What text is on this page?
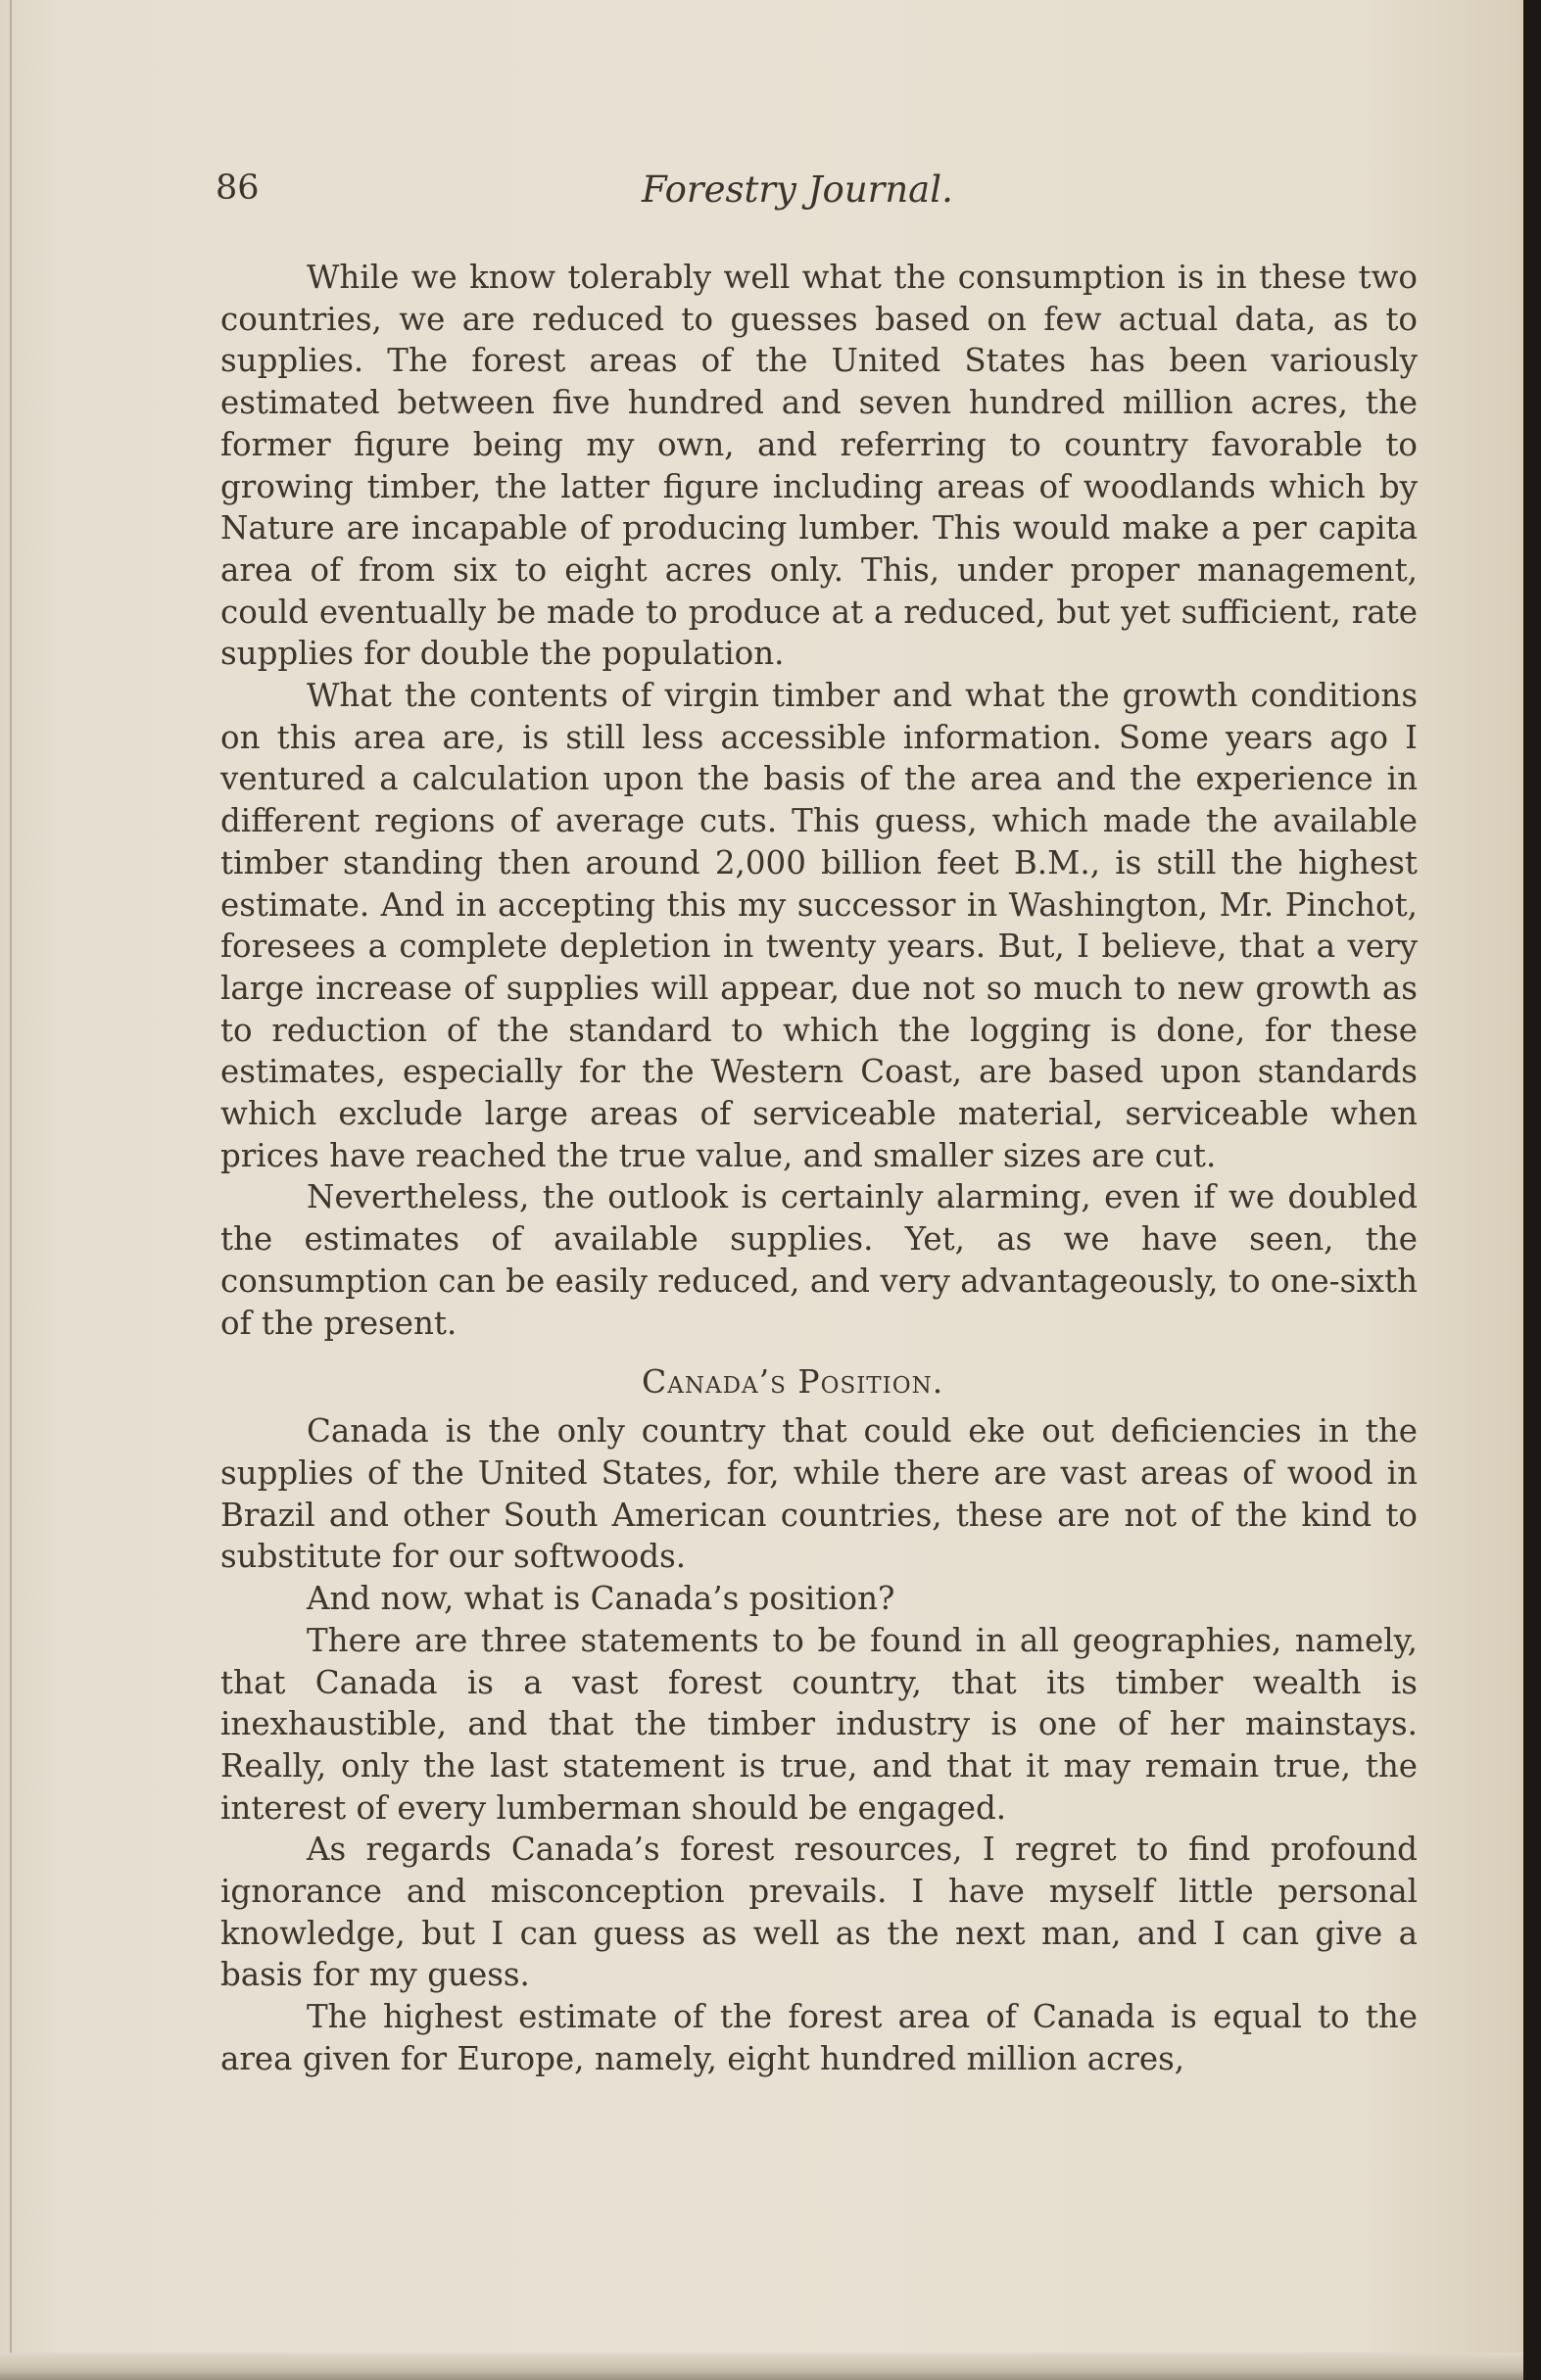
86	Forestry Journal.

While we know tolerably well what the consumption is in these two countries, we are reduced to guesses based on few actual data, as to supplies. The forest areas of the United States has been variously estimated between five hundred and seven hundred million acres, the former figure being my own, and referring to country favorable to growing timber, the latter figure including areas of woodlands which by Nature are incapable of producing lumber. This would make a per capita area of from six to eight acres only. This, under proper management, could eventually be made to produce at a reduced, but yet sufficient, rate supplies for double the population.

What the contents of virgin timber and what the growth conditions on this area are, is still less accessible information. Some years ago I ventured a calculation upon the basis of the area and the experience in different regions of average cuts. This guess, which made the available timber standing then around 2,000 billion feet B.M., is still the highest estimate. And in accepting this my successor in Washington, Mr. Pinchot, foresees a complete depletion in twenty years. But, I believe, that a very large increase of supplies will appear, due not so much to new growth as to reduction of the standard to which the logging is done, for these estimates, especially for the Western Coast, are based upon standards which exclude large areas of serviceable material, serviceable when prices have reached the true value, and smaller sizes are cut.

Nevertheless, the outlook is certainly alarming, even if we doubled the estimates of available supplies. Yet, as we have seen, the consumption can be easily reduced, and very advantageously, to one-sixth of the present.

Canada’s Position.

Canada is the only country that could eke out deficiencies in the supplies of the United States, for, while there are vast areas of wood in Brazil and other South American countries, these are not of the kind to substitute for our softwoods.

And now, what is Canada’s position?

There are three statements to be found in all geographies, namely, that Canada is a vast forest country, that its timber wealth is inexhaustible, and that the timber industry is one of her mainstays. Really, only the last statement is true, and that it may remain true, the interest of every lumberman should be engaged.

As regards Canada’s forest resources, I regret to find profound ignorance and misconception prevails. I have myself little personal knowledge, but I can guess as well as the next man, and I can give a basis for my guess.

The highest estimate of the forest area of Canada is equal to the area given for Europe, namely, eight hundred million acres,
